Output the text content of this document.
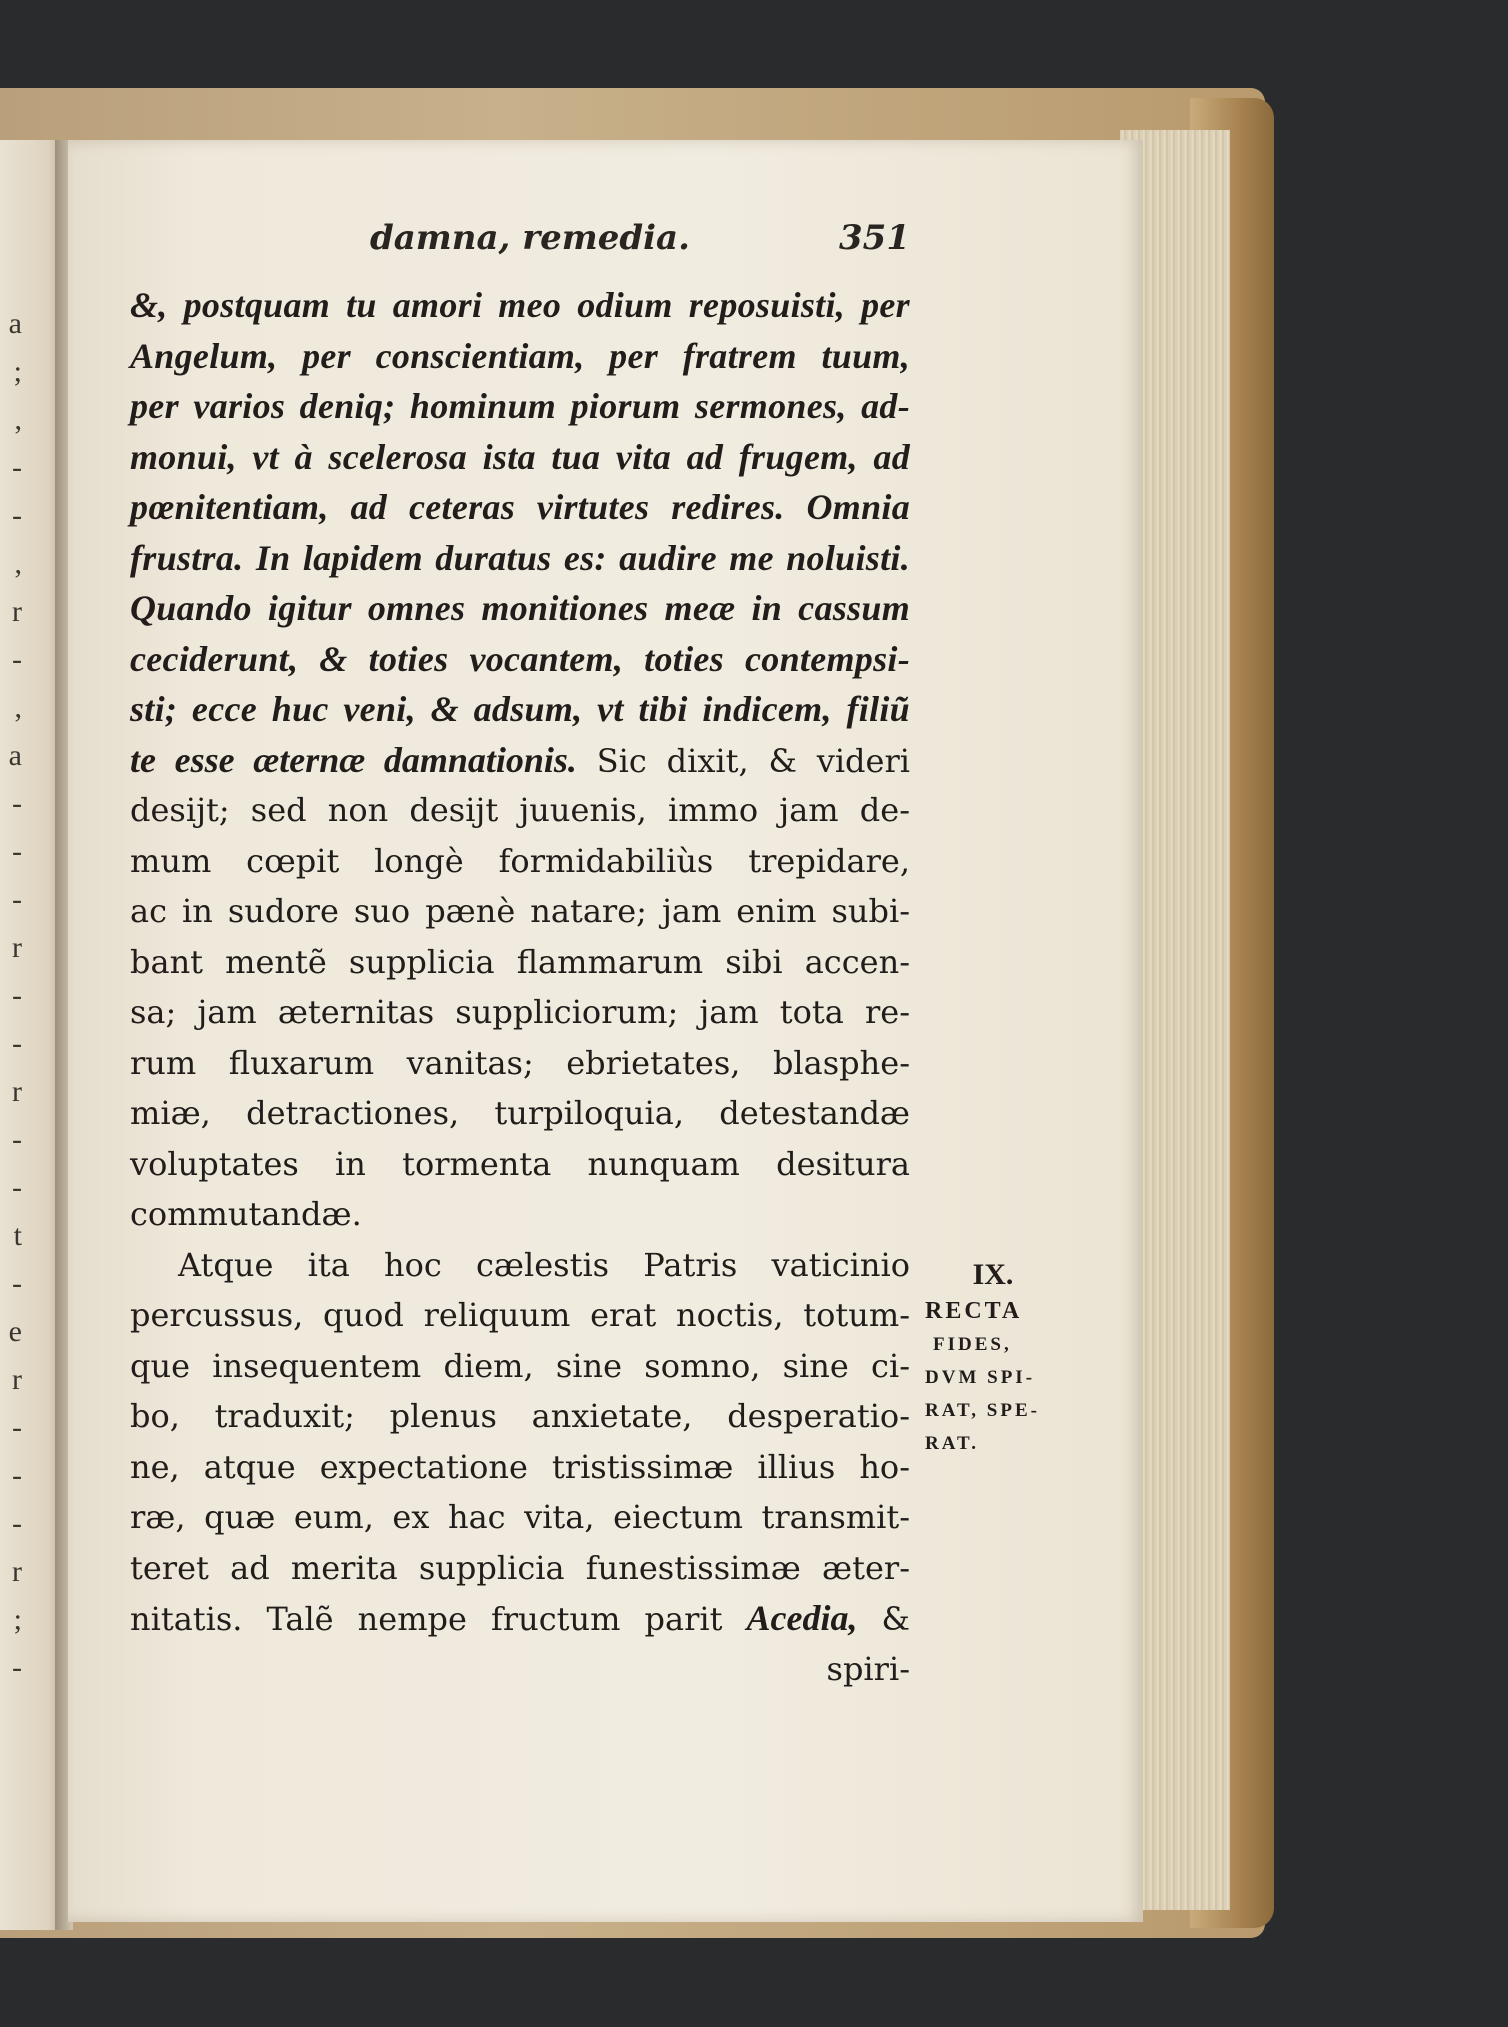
a
;
,
-
-
,
r
-
,
a
-
-
-
r
-
-
r
-
-
t
-
e
r
-
-
-
r
;
-
damna, remedia.	351
&, postquam tu amori meo odium reposuisti, per
Angelum, per conscientiam, per fratrem tuum,
per varios deniq; hominum piorum sermones, ad-
monui, vt à scelerosa ista tua vita ad frugem, ad
pœnitentiam, ad ceteras virtutes redires. Omnia
frustra. In lapidem duratus es: audire me noluisti.
Quando igitur omnes monitiones meæ in cassum
ceciderunt, & toties vocantem, toties contempsi-
sti; ecce huc veni, & adsum, vt tibi indicem, filiũ
te esse æternæ damnationis. Sic dixit, & videri
desijt; sed non desijt juuenis, immo jam de-
mum cœpit longè formidabiliùs trepidare,
ac in sudore suo pænè natare; jam enim subi-
bant mentẽ supplicia flammarum sibi accen-
sa; jam æternitas suppliciorum; jam tota re-
rum fluxarum vanitas; ebrietates, blasphe-
miæ, detractiones, turpiloquia, detestandæ
voluptates in tormenta nunquam desitura
commutandæ.
Atque ita hoc cælestis Patris vaticinio
percussus, quod reliquum erat noctis, totum-
que insequentem diem, sine somno, sine ci-
bo, traduxit; plenus anxietate, desperatio-
ne, atque expectatione tristissimæ illius ho-
ræ, quæ eum, ex hac vita, eiectum transmit-
teret ad merita supplicia funestissimæ æter-
nitatis. Talẽ nempe fructum parit Acedia, &
spiri-
IX.
RECTA
FIDES,
DVM SPI-
RAT, SPE-
RAT.
